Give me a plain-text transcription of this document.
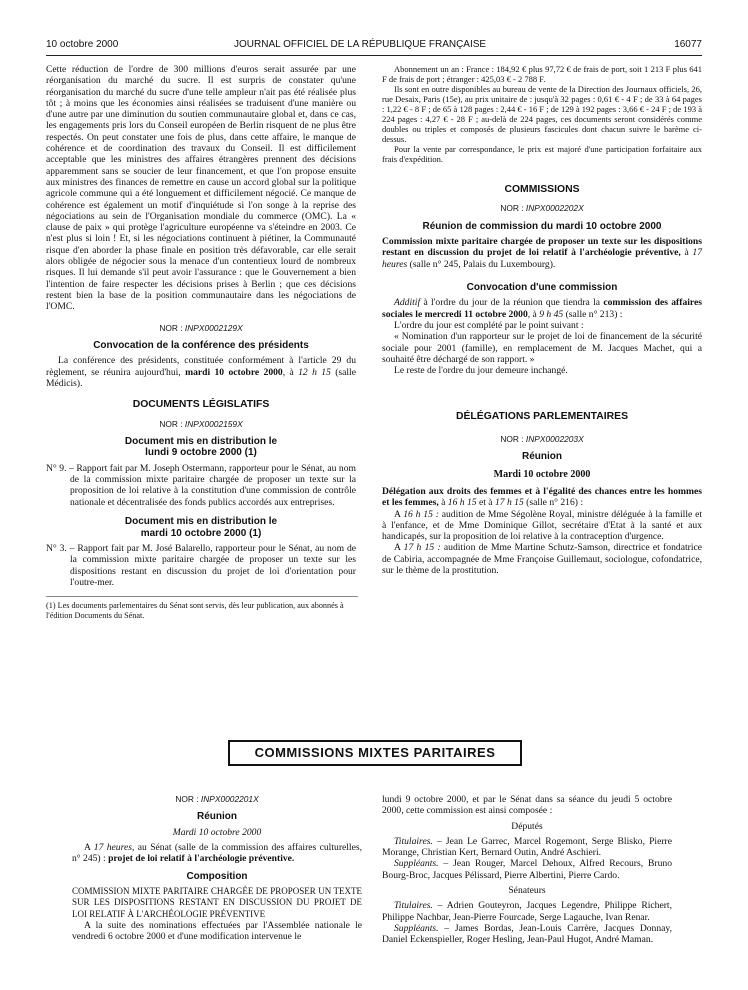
10 octobre 2000	JOURNAL OFFICIEL DE LA RÉPUBLIQUE FRANÇAISE	16077

Cette réduction de l'ordre de 300 millions d'euros serait assurée par une réorganisation du marché du sucre. Il est surpris de constater qu'une réorganisation du marché du sucre d'une telle ampleur n'ait pas été réalisée plus tôt ; à moins que les économies ainsi réalisées se traduisent d'une manière ou d'une autre par une diminution du soutien communautaire global et, dans ce cas, les engagements pris lors du Conseil européen de Berlin risquent de ne plus être respectés. On peut constater une fois de plus, dans cette affaire, le manque de cohérence et de coordination des travaux du Conseil. Il est difficilement acceptable que les ministres des affaires étrangères prennent des décisions apparemment sans se soucier de leur financement, et que l'on propose ensuite aux ministres des finances de remettre en cause un accord global sur la politique agricole commune qui a été longuement et difficilement négocié. Ce manque de cohérence est également un motif d'inquiétude si l'on songe à la reprise des négociations au sein de l'Organisation mondiale du commerce (OMC). La « clause de paix » qui protège l'agriculture européenne va s'éteindre en 2003. Ce n'est plus si loin ! Et, si les négociations continuent à piétiner, la Communauté risque d'en aborder la phase finale en position très défavorable, car elle serait alors obligée de négocier sous la menace d'un contentieux lourd de nombreux risques. Il lui demande s'il peut avoir l'assurance : que le Gouvernement a bien l'intention de faire respecter les décisions prises à Berlin ; que ces décisions restent bien la base de la position communautaire dans les négociations de l'OMC.

NOR : INPX0002129X
Convocation de la conférence des présidents

La conférence des présidents, constituée conformément à l'article 29 du règlement, se réunira aujourd'hui, mardi 10 octobre 2000, à 12 h 15 (salle Médicis).

DOCUMENTS LÉGISLATIFS
NOR : INPX0002159X
Document mis en distribution le lundi 9 octobre 2000 (1)

N° 9. – Rapport fait par M. Joseph Ostermann, rapporteur pour le Sénat, au nom de la commission mixte paritaire chargée de proposer un texte sur la proposition de loi relative à la constitution d'une commission de contrôle nationale et décentralisée des fonds publics accordés aux entreprises.

Document mis en distribution le mardi 10 octobre 2000 (1)

N° 3. – Rapport fait par M. José Balarello, rapporteur pour le Sénat, au nom de la commission mixte paritaire chargée de proposer un texte sur les dispositions restant en discussion du projet de loi d'orientation pour l'outre-mer.

(1) Les documents parlementaires du Sénat sont servis, dès leur publication, aux abonnés à l'édition Documents du Sénat.

Abonnement un an : France : 184,92 € plus 97,72 € de frais de port, soit 1 213 F plus 641 F de frais de port ; étranger : 425,03 € - 2 788 F.

Ils sont en outre disponibles au bureau de vente de la Direction des Journaux officiels, 26, rue Desaix, Paris (15e), au prix unitaire de : jusqu'à 32 pages : 0,61 € - 4 F ; de 33 à 64 pages : 1,22 € - 8 F ; de 65 à 128 pages : 2,44 € - 16 F ; de 129 à 192 pages : 3,66 € - 24 F ; de 193 à 224 pages : 4,27 € - 28 F ; au-delà de 224 pages, ces documents seront considérés comme doubles ou triples et composés de plusieurs fascicules dont chacun suivre le barème ci-dessus.

Pour la vente par correspondance, le prix est majoré d'une participation forfaitaire aux frais d'expédition.

COMMISSIONS
NOR : INPX0002202X
Réunion de commission du mardi 10 octobre 2000

Commission mixte paritaire chargée de proposer un texte sur les dispositions restant en discussion du projet de loi relatif à l'archéologie préventive, à 17 heures (salle n° 245, Palais du Luxembourg).

Convocation d'une commission

Additif à l'ordre du jour de la réunion que tiendra la commission des affaires sociales le mercredi 11 octobre 2000, à 9 h 45 (salle n° 213) :

L'ordre du jour est complété par le point suivant :

« Nomination d'un rapporteur sur le projet de loi de financement de la sécurité sociale pour 2001 (famille), en remplacement de M. Jacques Machet, qui a souhaité être déchargé de son rapport. »

Le reste de l'ordre du jour demeure inchangé.

DÉLÉGATIONS PARLEMENTAIRES
NOR : INPX0002203X
Réunion
Mardi 10 octobre 2000

Délégation aux droits des femmes et à l'égalité des chances entre les hommes et les femmes, à 16 h 15 et à 17 h 15 (salle n° 216) :

A 16 h 15 : audition de Mme Ségolène Royal, ministre déléguée à la famille et à l'enfance, et de Mme Dominique Gillot, secrétaire d'Etat à la santé et aux handicapés, sur la proposition de loi relative à la contraception d'urgence.

A 17 h 15 : audition de Mme Martine Schutz-Samson, directrice et fondatrice de Cabiria, accompagnée de Mme Françoise Guillemaut, sociologue, cofondatrice, sur le thème de la prostitution.

COMMISSIONS MIXTES PARITAIRES
NOR : INPX0002201X
Réunion
Mardi 10 octobre 2000

A 17 heures, au Sénat (salle de la commission des affaires culturelles, n° 245) : projet de loi relatif à l'archéologie préventive.

Composition

COMMISSION MIXTE PARITAIRE CHARGÉE DE PROPOSER UN TEXTE SUR LES DISPOSITIONS RESTANT EN DISCUSSION DU PROJET DE LOI RELATIF À L'ARCHÉOLOGIE PRÉVENTIVE

A la suite des nominations effectuées par l'Assemblée nationale le vendredi 6 octobre 2000 et d'une modification intervenue le

lundi 9 octobre 2000, et par le Sénat dans sa séance du jeudi 5 octobre 2000, cette commission est ainsi composée :

Députés

Titulaires. – Jean Le Garrec, Marcel Rogemont, Serge Blisko, Pierre Morange, Christian Kert, Bernard Outin, André Aschieri.

Suppléants. – Jean Rouger, Marcel Dehoux, Alfred Recours, Bruno Bourg-Broc, Jacques Pélissard, Pierre Albertini, Pierre Cardo.

Sénateurs

Titulaires. – Adrien Gouteyron, Jacques Legendre, Philippe Richert, Philippe Nachbar, Jean-Pierre Fourcade, Serge Lagauche, Ivan Renar.

Suppléants. – James Bordas, Jean-Louis Carrère, Jacques Donnay, Daniel Eckenspieller, Roger Hesling, Jean-Paul Hugot, André Maman.
